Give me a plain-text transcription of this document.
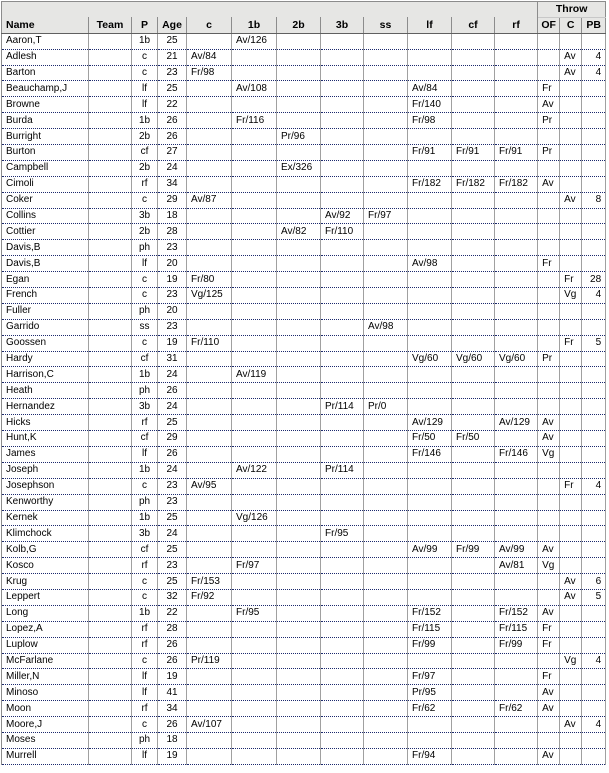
												Throw		
Name	Team	P	Age	c	1b	2b	3b	ss	lf	cf	rf	OF	C	PB
Aaron,T		1b	25		Av/126									
Adlesh		c	21	Av/84									Av	4
Barton		c	23	Fr/98									Av	4
Beauchamp,J		lf	25		Av/108				Av/84			Fr		
Browne		lf	22						Fr/140			Av		
Burda		1b	26		Fr/116				Fr/98			Pr		
Burright		2b	26			Pr/96								
Burton		cf	27						Fr/91	Fr/91	Fr/91	Pr		
Campbell		2b	24			Ex/326								
Cimoli		rf	34						Fr/182	Fr/182	Fr/182	Av		
Coker		c	29	Av/87									Av	8
Collins		3b	18				Av/92	Fr/97						
Cottier		2b	28			Av/82	Fr/110							
Davis,B		ph	23											
Davis,B		lf	20						Av/98			Fr		
Egan		c	19	Fr/80									Fr	28
French		c	23	Vg/125									Vg	4
Fuller		ph	20											
Garrido		ss	23					Av/98						
Goossen		c	19	Fr/110									Fr	5
Hardy		cf	31						Vg/60	Vg/60	Vg/60	Pr		
Harrison,C		1b	24		Av/119									
Heath		ph	26											
Hernandez		3b	24				Pr/114	Pr/0						
Hicks		rf	25						Av/129		Av/129	Av		
Hunt,K		cf	29						Fr/50	Fr/50		Av		
James		lf	26						Fr/146		Fr/146	Vg		
Joseph		1b	24		Av/122		Pr/114							
Josephson		c	23	Av/95									Fr	4
Kenworthy		ph	23											
Kernek		1b	25		Vg/126									
Klimchock		3b	24				Fr/95							
Kolb,G		cf	25						Av/99	Fr/99	Av/99	Av		
Kosco		rf	23		Fr/97						Av/81	Vg		
Krug		c	25	Fr/153									Av	6
Leppert		c	32	Fr/92									Av	5
Long		1b	22		Fr/95				Fr/152		Fr/152	Av		
Lopez,A		rf	28						Fr/115		Fr/115	Fr		
Luplow		rf	26						Fr/99		Fr/99	Fr		
McFarlane		c	26	Pr/119									Vg	4
Miller,N		lf	19						Fr/97			Fr		
Minoso		lf	41						Pr/95			Av		
Moon		rf	34						Fr/62		Fr/62	Av		
Moore,J		c	26	Av/107									Av	4
Moses		ph	18											
Murrell		lf	19						Fr/94			Av		
